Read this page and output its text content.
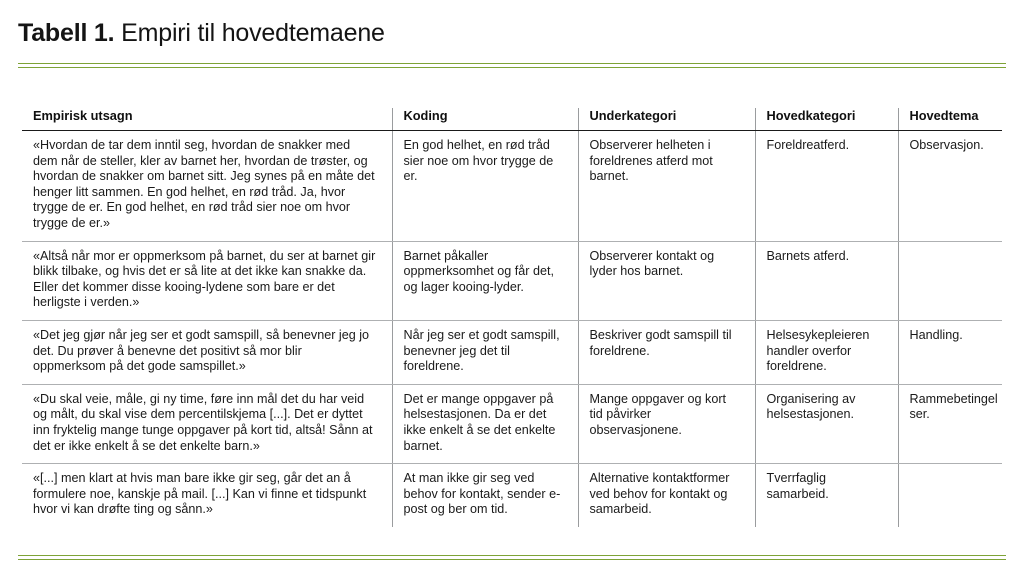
Tabell 1. Empiri til hovedtemaene
Empirisk utsagn	Koding	Underkategori	Hovedkategori	Hovedtema
«Hvordan de tar dem inntil seg, hvordan de snakker med dem når de steller, kler av barnet her, hvordan de trøster, og hvordan de snakker om barnet sitt. Jeg synes på en måte det henger litt sammen. En god helhet, en rød tråd. Ja, hvor trygge de er. En god helhet, en rød tråd sier noe om hvor trygge de er.»	En god helhet, en rød tråd sier noe om hvor trygge de er.	Observerer helheten i foreldrenes atferd mot barnet.	Foreldreatferd.	Observasjon.
«Altså når mor er oppmerksom på barnet, du ser at barnet gir blikk tilbake, og hvis det er så lite at det ikke kan snakke da. Eller det kommer disse kooing-lydene som bare er det herligste i verden.»	Barnet påkaller oppmerksomhet og får det, og lager kooing-lyder.	Observerer kontakt og lyder hos barnet.	Barnets atferd.	
«Det jeg gjør når jeg ser et godt samspill, så benevner jeg jo det. Du prøver å benevne det positivt så mor blir oppmerksom på det gode samspillet.»	Når jeg ser et godt samspill, benevner jeg det til foreldrene.	Beskriver godt samspill til foreldrene.	Helsesykepleieren handler overfor foreldrene.	Handling.
«Du skal veie, måle, gi ny time, føre inn mål det du har veid og målt, du skal vise dem percentilskjema [...]. Det er dyttet inn fryktelig mange tunge oppgaver på kort tid, altså! Sånn at det er ikke enkelt å se det enkelte barn.»	Det er mange oppgaver på helsestasjonen. Da er det ikke enkelt å se det enkelte barnet.	Mange oppgaver og kort tid påvirker observasjonene.	Organisering av helsestasjonen.	Rammebetingelser.
«[...] men klart at hvis man bare ikke gir seg, går det an å formulere noe, kanskje på mail. [...] Kan vi finne et tidspunkt hvor vi kan drøfte ting og sånn.»	At man ikke gir seg ved behov for kontakt, sender e-post og ber om tid.	Alternative kontaktformer ved behov for kontakt og samarbeid.	Tverrfaglig samarbeid.	
